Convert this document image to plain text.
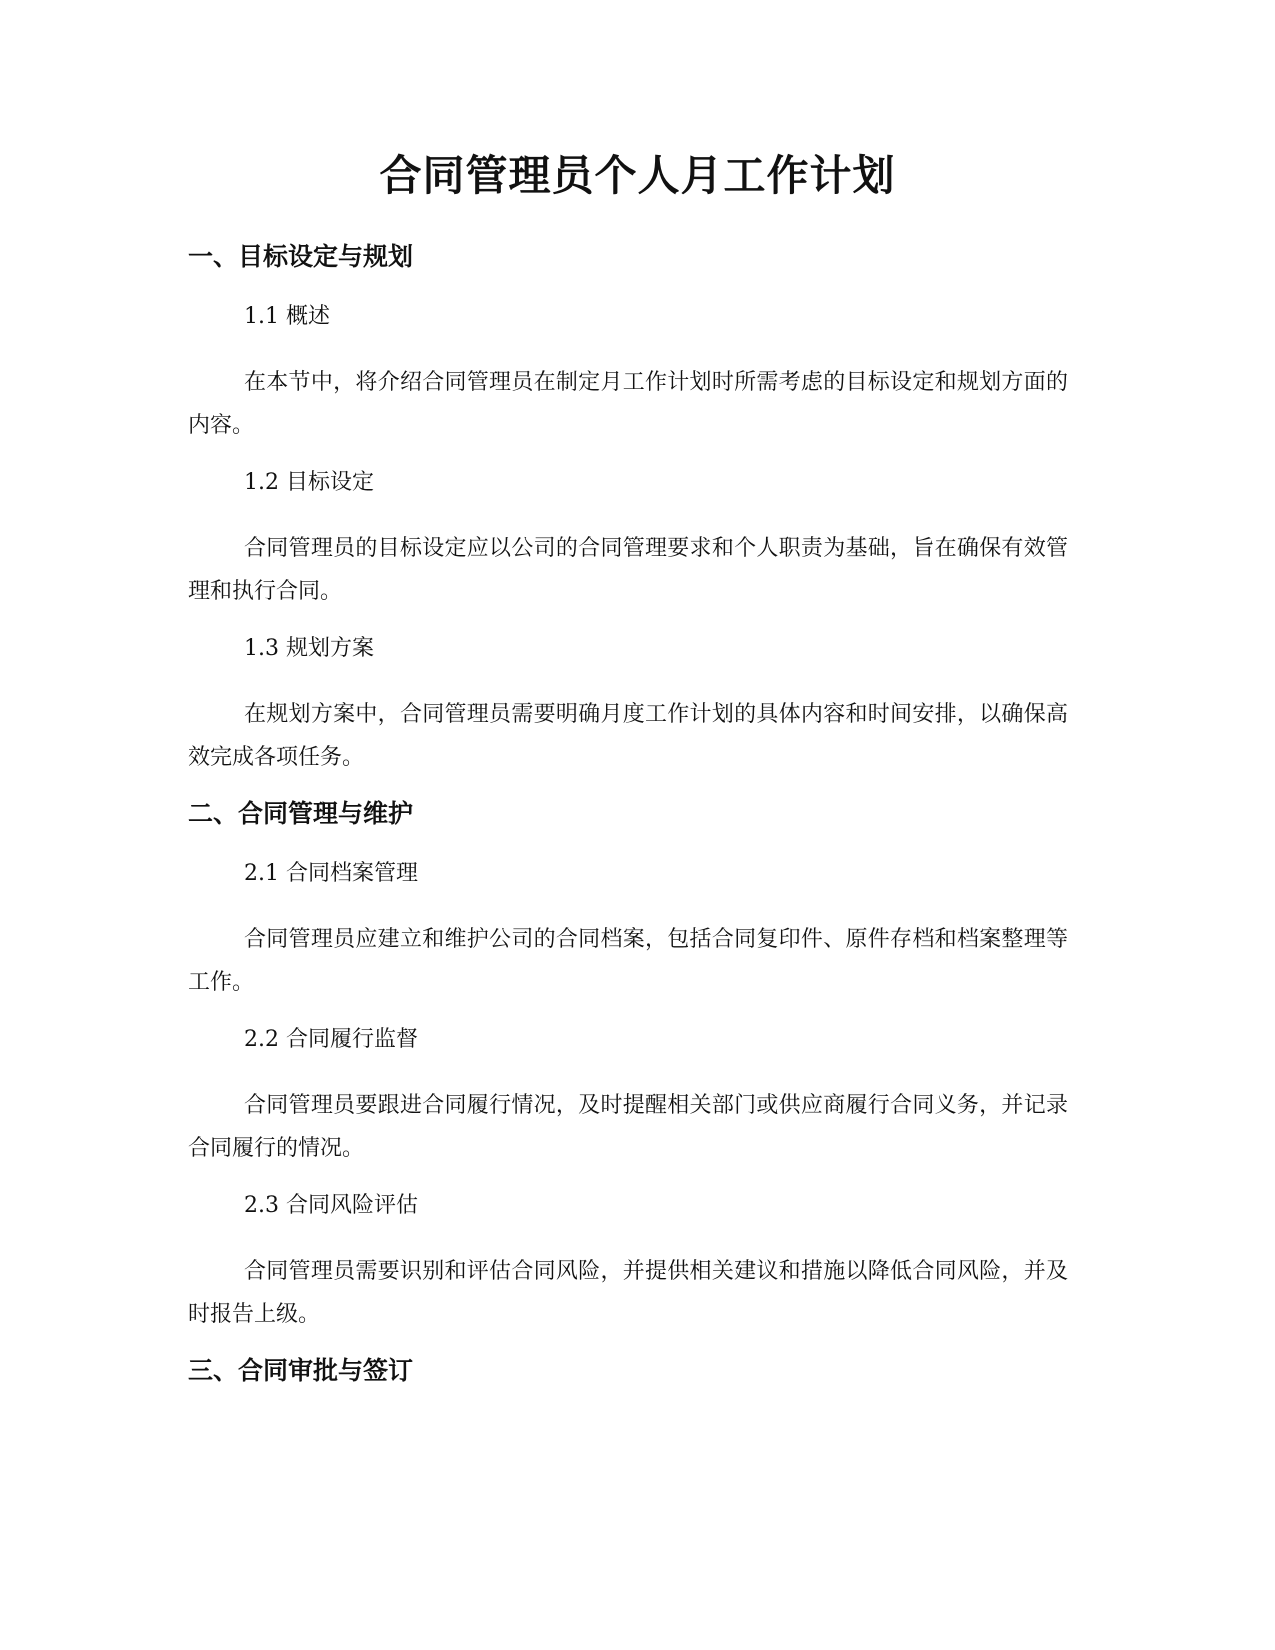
合同管理员个人月工作计划
一、目标设定与规划

1.1 概述

在本节中，将介绍合同管理员在制定月工作计划时所需考虑的目标设定和规划方面的内容。

1.2 目标设定

合同管理员的目标设定应以公司的合同管理要求和个人职责为基础，旨在确保有效管理和执行合同。

1.3 规划方案

在规划方案中，合同管理员需要明确月度工作计划的具体内容和时间安排，以确保高效完成各项任务。

二、合同管理与维护

2.1 合同档案管理

合同管理员应建立和维护公司的合同档案，包括合同复印件、原件存档和档案整理等工作。

2.2 合同履行监督

合同管理员要跟进合同履行情况，及时提醒相关部门或供应商履行合同义务，并记录合同履行的情况。

2.3 合同风险评估

合同管理员需要识别和评估合同风险，并提供相关建议和措施以降低合同风险，并及时报告上级。

三、合同审批与签订
